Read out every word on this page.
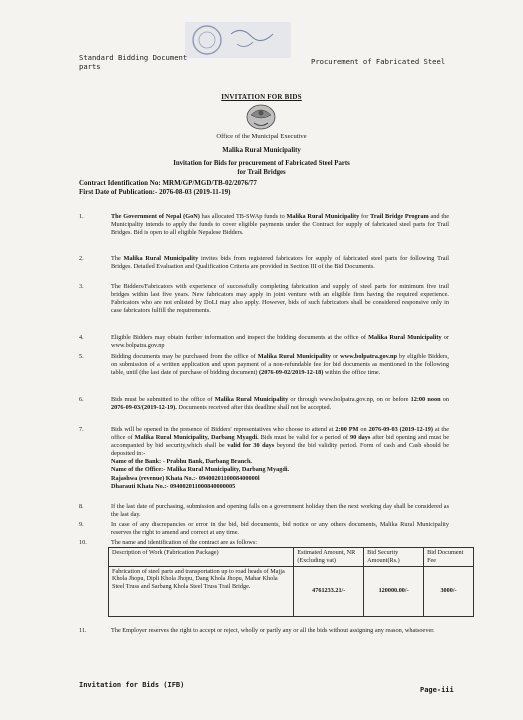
Standard Bidding Document
parts
Procurement of Fabricated Steel
INVITATION FOR BIDS
Office of the Municipal Executive
Malika Rural Municipality
Invitation for Bids for procurement of Fabricated Steel Parts
for Trail Bridges
Contract Identification No: MRM/GP/MGD/TB-02/2076/77
First Date of Publication:- 2076-08-03 (2019-11-19)
1.	The Government of Nepal (GoN) has allocated TB-SWAp funds to Malika Rural Municipality for Trail Bridge Program and the Municipality intends to apply the funds to cover eligible payments under the Contract for supply of fabricated steel parts for Trail Bridges. Bid is open to all eligible Nepalese Bidders.
2.	The Malika Rural Municipality invites bids from registered fabricators for supply of fabricated steel parts for following Trail Bridges. Detailed Evaluation and Qualification Criteria are provided in Section III of the Bid Documents.
3.	The Bidders/Fabricators with experience of successfully completing fabrication and supply of steel parts for minimum five trail bridges within last five years. New fabricators may apply in joint venture with an eligible firm having the required experience. Fabricators who are not enlisted by DoLI may also apply. However, bids of such fabricators shall be considered responsive only in case fabricators fulfill the requirements.
4.	Eligible Bidders may obtain further information and inspect the bidding documents at the office of Malika Rural Municipality or www.bolpatra.gov.np
5.	Bidding documents may be purchased from the office of Malika Rural Municipality or www.bolpatra.gov.np by eligible Bidders, on submission of a written application and upon payment of a non-refundable fee for bid documents as mentioned in the following table, until (the last date of purchase of bidding document) (2076-09-02/2019-12-18) within the office time.
6.	Bids must be submitted to the office of Malika Rural Municipality or through www.bolpatra.gov.np, on or before 12:00 noon on 2076-09-03/(2019-12-19). Documents received after this deadline shall not be accepted.
7.	Bids will be opened in the presence of Bidders' representatives who choose to attend at 2:00 PM on 2076-09-03 (2019-12-19) at the office of Malika Rural Municipality, Darbang Myagdi. Bids must be valid for a period of 90 days after bid opening and must be accompanied by bid security,which shall be valid for 30 days beyond the bid validity period. Form of cash and Cash should be deposited in:-
Name of the Bank: - Prabhu Bank, Darbang Branch.
Name of the Office:- Malika Rural Municipality, Darbang Myagdi.
Rajashwa (revenue) Khata No.:- 0940020110008400000l
Dharauti Khata No.:- 094002011000840000005
8.	If the last date of purchasing, submission and opening falls on a government holiday then the next working day shall be considered as the last day.
9.	In case of any discrepancies or error in the bid, bid documents, bid notice or any others documents, Malika Rural Municipality reserves the right to amend and correct at any time.
10.	The name and identification of the contract are as follows:
Description of Work (Fabrication Package)	Estimated Amount, NR (Excluding vat)	Bid Security Amount(Rs.)	Bid Document Fee
Fabrication of steel parts and transportation up to road heads of Majja Khola Jhopu, Dipli Khola Jhopu, Dang Khola Jhopu, Mahar Khola Steel Truss and Sarbang Khola Steel Truss Trail Bridge.	4761233.21/-	120000.00/-	3000/-
11.	The Employer reserves the right to accept or reject, wholly or partly any or all the bids without assigning any reason, whatsoever.
Invitation for Bids (IFB)
Page-iii
